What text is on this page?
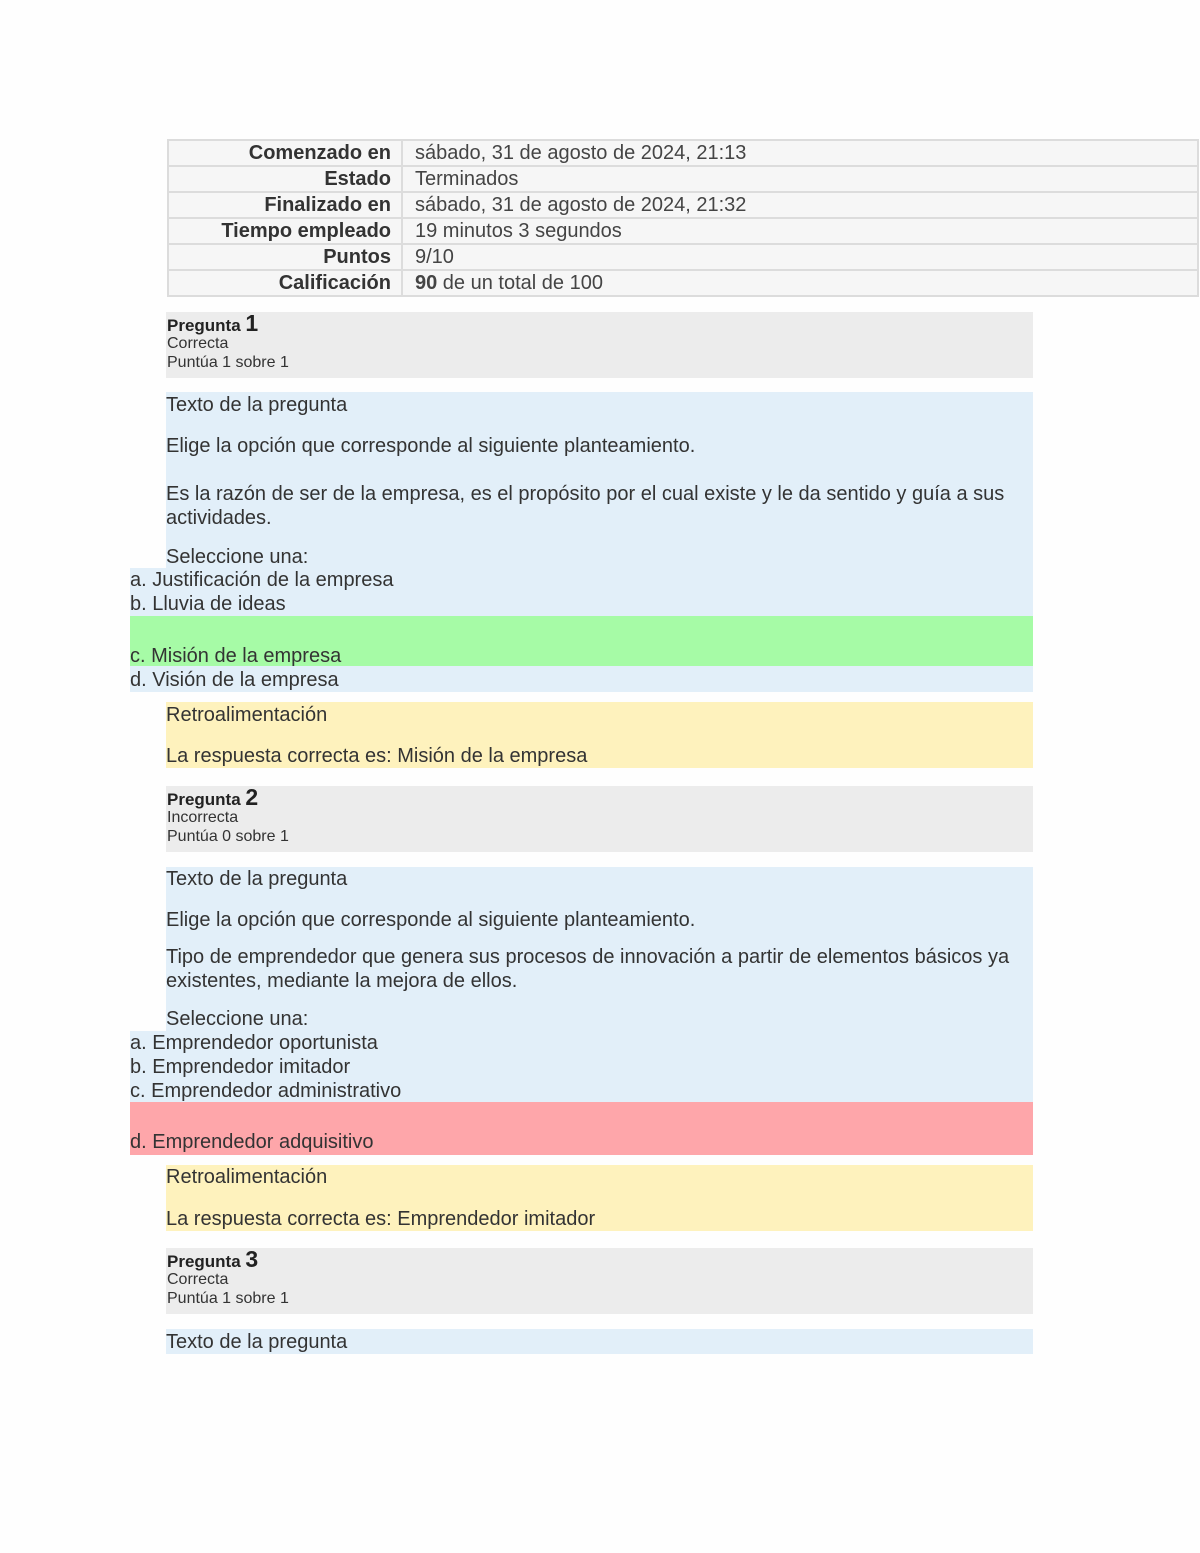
Comenzado en	sábado, 31 de agosto de 2024, 21:13
Estado	Terminados
Finalizado en	sábado, 31 de agosto de 2024, 21:32
Tiempo empleado	19 minutos 3 segundos
Puntos	9/10
Calificación	90 de un total de 100
Pregunta 1
Correcta
Puntúa 1 sobre 1

Texto de la pregunta

Elige la opción que corresponde al siguiente planteamiento.

Es la razón de ser de la empresa, es el propósito por el cual existe y le da sentido y guía a sus actividades.

Seleccione una:

a. Justificación de la empresa
b. Lluvia de ideas
c. Misión de la empresa
d. Visión de la empresa

Retroalimentación

La respuesta correcta es: Misión de la empresa

Pregunta 2
Incorrecta
Puntúa 0 sobre 1

Texto de la pregunta

Elige la opción que corresponde al siguiente planteamiento.

Tipo de emprendedor que genera sus procesos de innovación a partir de elementos básicos ya existentes, mediante la mejora de ellos.

Seleccione una:

a. Emprendedor oportunista
b. Emprendedor imitador
c. Emprendedor administrativo
d. Emprendedor adquisitivo

Retroalimentación

La respuesta correcta es: Emprendedor imitador

Pregunta 3
Correcta
Puntúa 1 sobre 1

Texto de la pregunta
